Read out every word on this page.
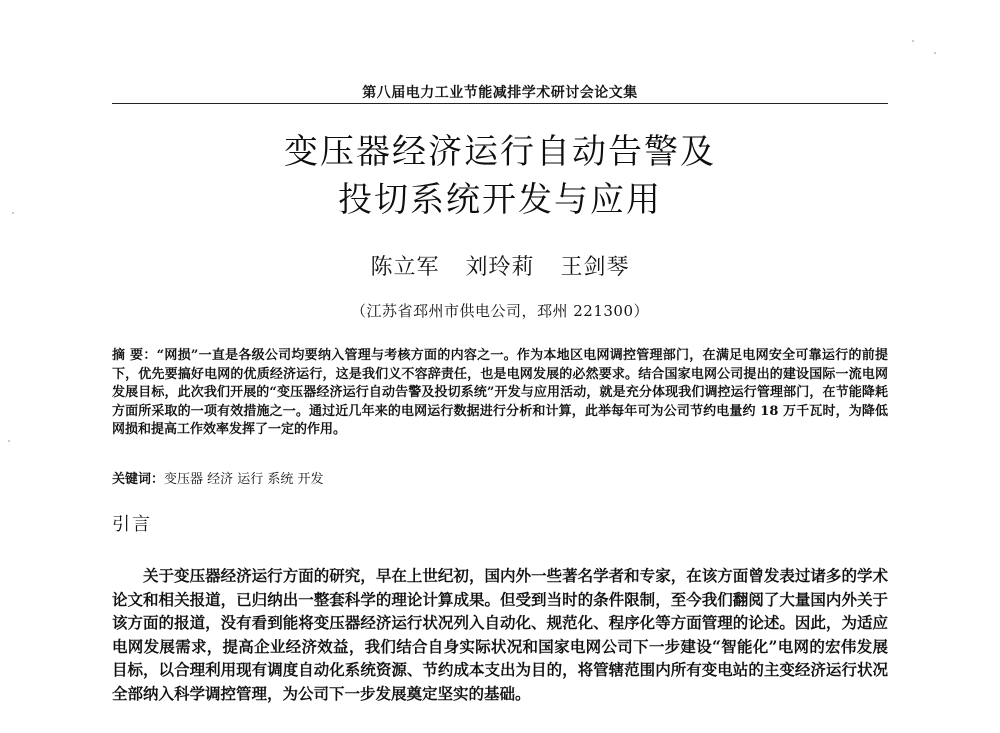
第八届电力工业节能减排学术研讨会论文集
变压器经济运行自动告警及
投切系统开发与应用
陈立军 刘玲莉 王剑琴
（江苏省邳州市供电公司，邳州 221300）
摘 要：“网损”一直是各级公司均要纳入管理与考核方面的内容之一。作为本地区电网调控管理部门，在满足电网安全可靠运行的前提下，优先要搞好电网的优质经济运行，这是我们义不容辞责任，也是电网发展的必然要求。结合国家电网公司提出的建设国际一流电网发展目标，此次我们开展的“变压器经济运行自动告警及投切系统”开发与应用活动，就是充分体现我们调控运行管理部门，在节能降耗方面所采取的一项有效措施之一。通过近几年来的电网运行数据进行分析和计算，此举每年可为公司节约电量约 18 万千瓦时，为降低网损和提高工作效率发挥了一定的作用。
关键词：变压器 经济 运行 系统 开发
引言
关于变压器经济运行方面的研究，早在上世纪初，国内外一些著名学者和专家，在该方面曾发表过诸多的学术论文和相关报道，已归纳出一整套科学的理论计算成果。但受到当时的条件限制，至今我们翻阅了大量国内外关于该方面的报道，没有看到能将变压器经济运行状况列入自动化、规范化、程序化等方面管理的论述。因此，为适应电网发展需求，提高企业经济效益，我们结合自身实际状况和国家电网公司下一步建设“智能化”电网的宏伟发展目标，以合理利用现有调度自动化系统资源、节约成本支出为目的，将管辖范围内所有变电站的主变经济运行状况全部纳入科学调控管理，为公司下一步发展奠定坚实的基础。
